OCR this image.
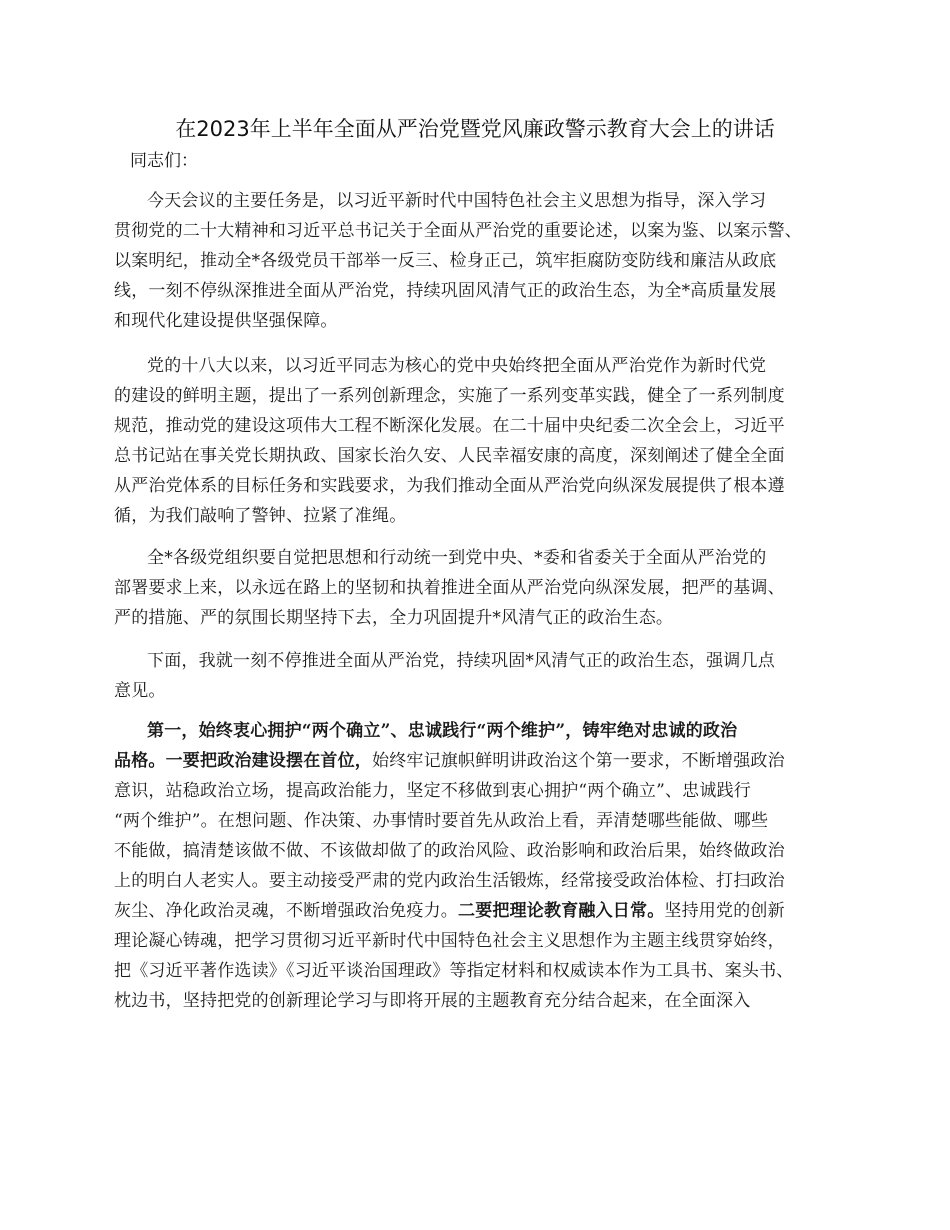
在2023年上半年全面从严治党暨党风廉政警示教育大会上的讲话
同志们：
今天会议的主要任务是，以习近平新时代中国特色社会主义思想为指导，深入学习
贯彻党的二十大精神和习近平总书记关于全面从严治党的重要论述，以案为鉴、以案示警、
以案明纪，推动全*各级党员干部举一反三、检身正己，筑牢拒腐防变防线和廉洁从政底
线，一刻不停纵深推进全面从严治党，持续巩固风清气正的政治生态，为全*高质量发展
和现代化建设提供坚强保障。
党的十八大以来，以习近平同志为核心的党中央始终把全面从严治党作为新时代党
的建设的鲜明主题，提出了一系列创新理念，实施了一系列变革实践，健全了一系列制度
规范，推动党的建设这项伟大工程不断深化发展。在二十届中央纪委二次全会上，习近平
总书记站在事关党长期执政、国家长治久安、人民幸福安康的高度，深刻阐述了健全全面
从严治党体系的目标任务和实践要求，为我们推动全面从严治党向纵深发展提供了根本遵
循，为我们敲响了警钟、拉紧了准绳。
全*各级党组织要自觉把思想和行动统一到党中央、*委和省委关于全面从严治党的
部署要求上来，以永远在路上的坚韧和执着推进全面从严治党向纵深发展，把严的基调、
严的措施、严的氛围长期坚持下去，全力巩固提升*风清气正的政治生态。
下面，我就一刻不停推进全面从严治党，持续巩固*风清气正的政治生态，强调几点
意见。
第一，始终衷心拥护“两个确立”、忠诚践行“两个维护”，铸牢绝对忠诚的政治
品格。一要把政治建设摆在首位，始终牢记旗帜鲜明讲政治这个第一要求，不断增强政治
意识，站稳政治立场，提高政治能力，坚定不移做到衷心拥护“两个确立”、忠诚践行
“两个维护”。在想问题、作决策、办事情时要首先从政治上看，弄清楚哪些能做、哪些
不能做，搞清楚该做不做、不该做却做了的政治风险、政治影响和政治后果，始终做政治
上的明白人老实人。要主动接受严肃的党内政治生活锻炼，经常接受政治体检、打扫政治
灰尘、净化政治灵魂，不断增强政治免疫力。二要把理论教育融入日常。坚持用党的创新
理论凝心铸魂，把学习贯彻习近平新时代中国特色社会主义思想作为主题主线贯穿始终，
把《习近平著作选读》《习近平谈治国理政》等指定材料和权威读本作为工具书、案头书、
枕边书，坚持把党的创新理论学习与即将开展的主题教育充分结合起来，在全面深入
